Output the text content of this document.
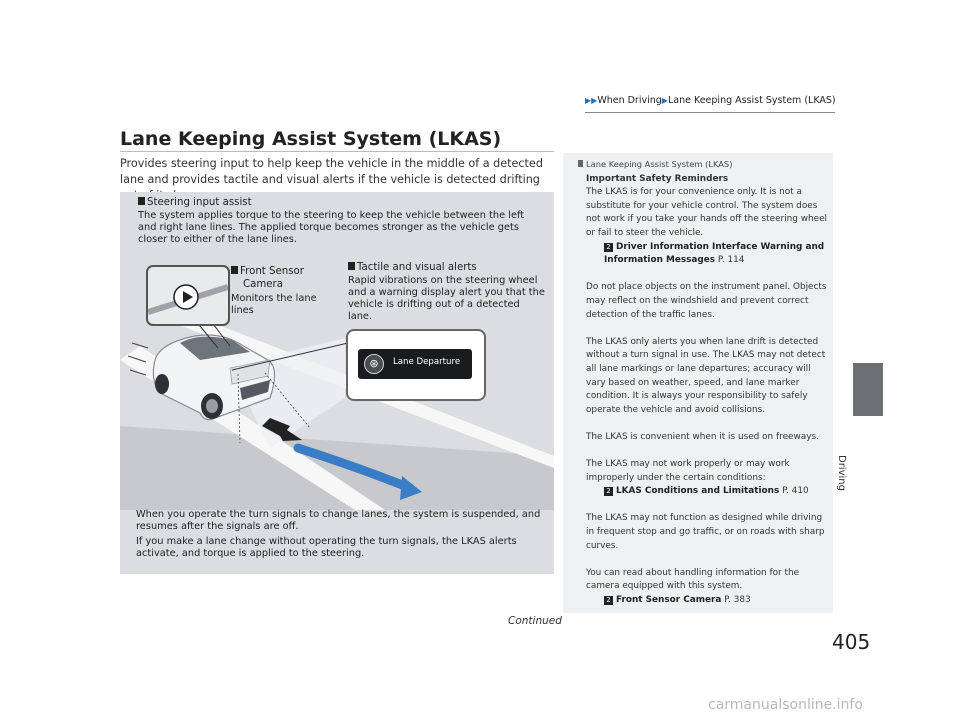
▶▶When Driving▶Lane Keeping Assist System (LKAS)
Lane Keeping Assist System (LKAS)
Provides steering input to help keep the vehicle in the middle of a detected lane and provides tactile and visual alerts if the vehicle is detected drifting
Steering input assist
The system applies torque to the steering to keep the vehicle between the left and right lane lines. The applied torque becomes stronger as the vehicle gets closer to either of the lane lines.
Front Sensor
Camera
Monitors the lane lines
Tactile and visual alerts
Rapid vibrations on the steering wheel and a warning display alert you that the vehicle is drifting out of a detected lane.
⊛	Lane Departure
When you operate the turn signals to change lanes, the system is suspended, and resumes after the signals are off.
If you make a lane change without operating the turn signals, the LKAS alerts activate, and torque is applied to the steering.
Lane Keeping Assist System (LKAS)
Important Safety Reminders
The LKAS is for your convenience only. It is not a substitute for your vehicle control. The system does not work if you take your hands off the steering wheel or fail to steer the vehicle.
2 Driver Information Interface Warning and Information Messages P. 114
Do not place objects on the instrument panel. Objects may reflect on the windshield and prevent correct detection of the traffic lanes.
The LKAS only alerts you when lane drift is detected without a turn signal in use. The LKAS may not detect all lane markings or lane departures; accuracy will vary based on weather, speed, and lane marker condition. It is always your responsibility to safely operate the vehicle and avoid collisions.
The LKAS is convenient when it is used on freeways.
The LKAS may not work properly or may work improperly under the certain conditions:
2 LKAS Conditions and Limitations P. 410
The LKAS may not function as designed while driving in frequent stop and go traffic, or on roads with sharp curves.
You can read about handling information for the camera equipped with this system.
2 Front Sensor Camera P. 383
Driving
Continued
405
carmanualsonline.info
